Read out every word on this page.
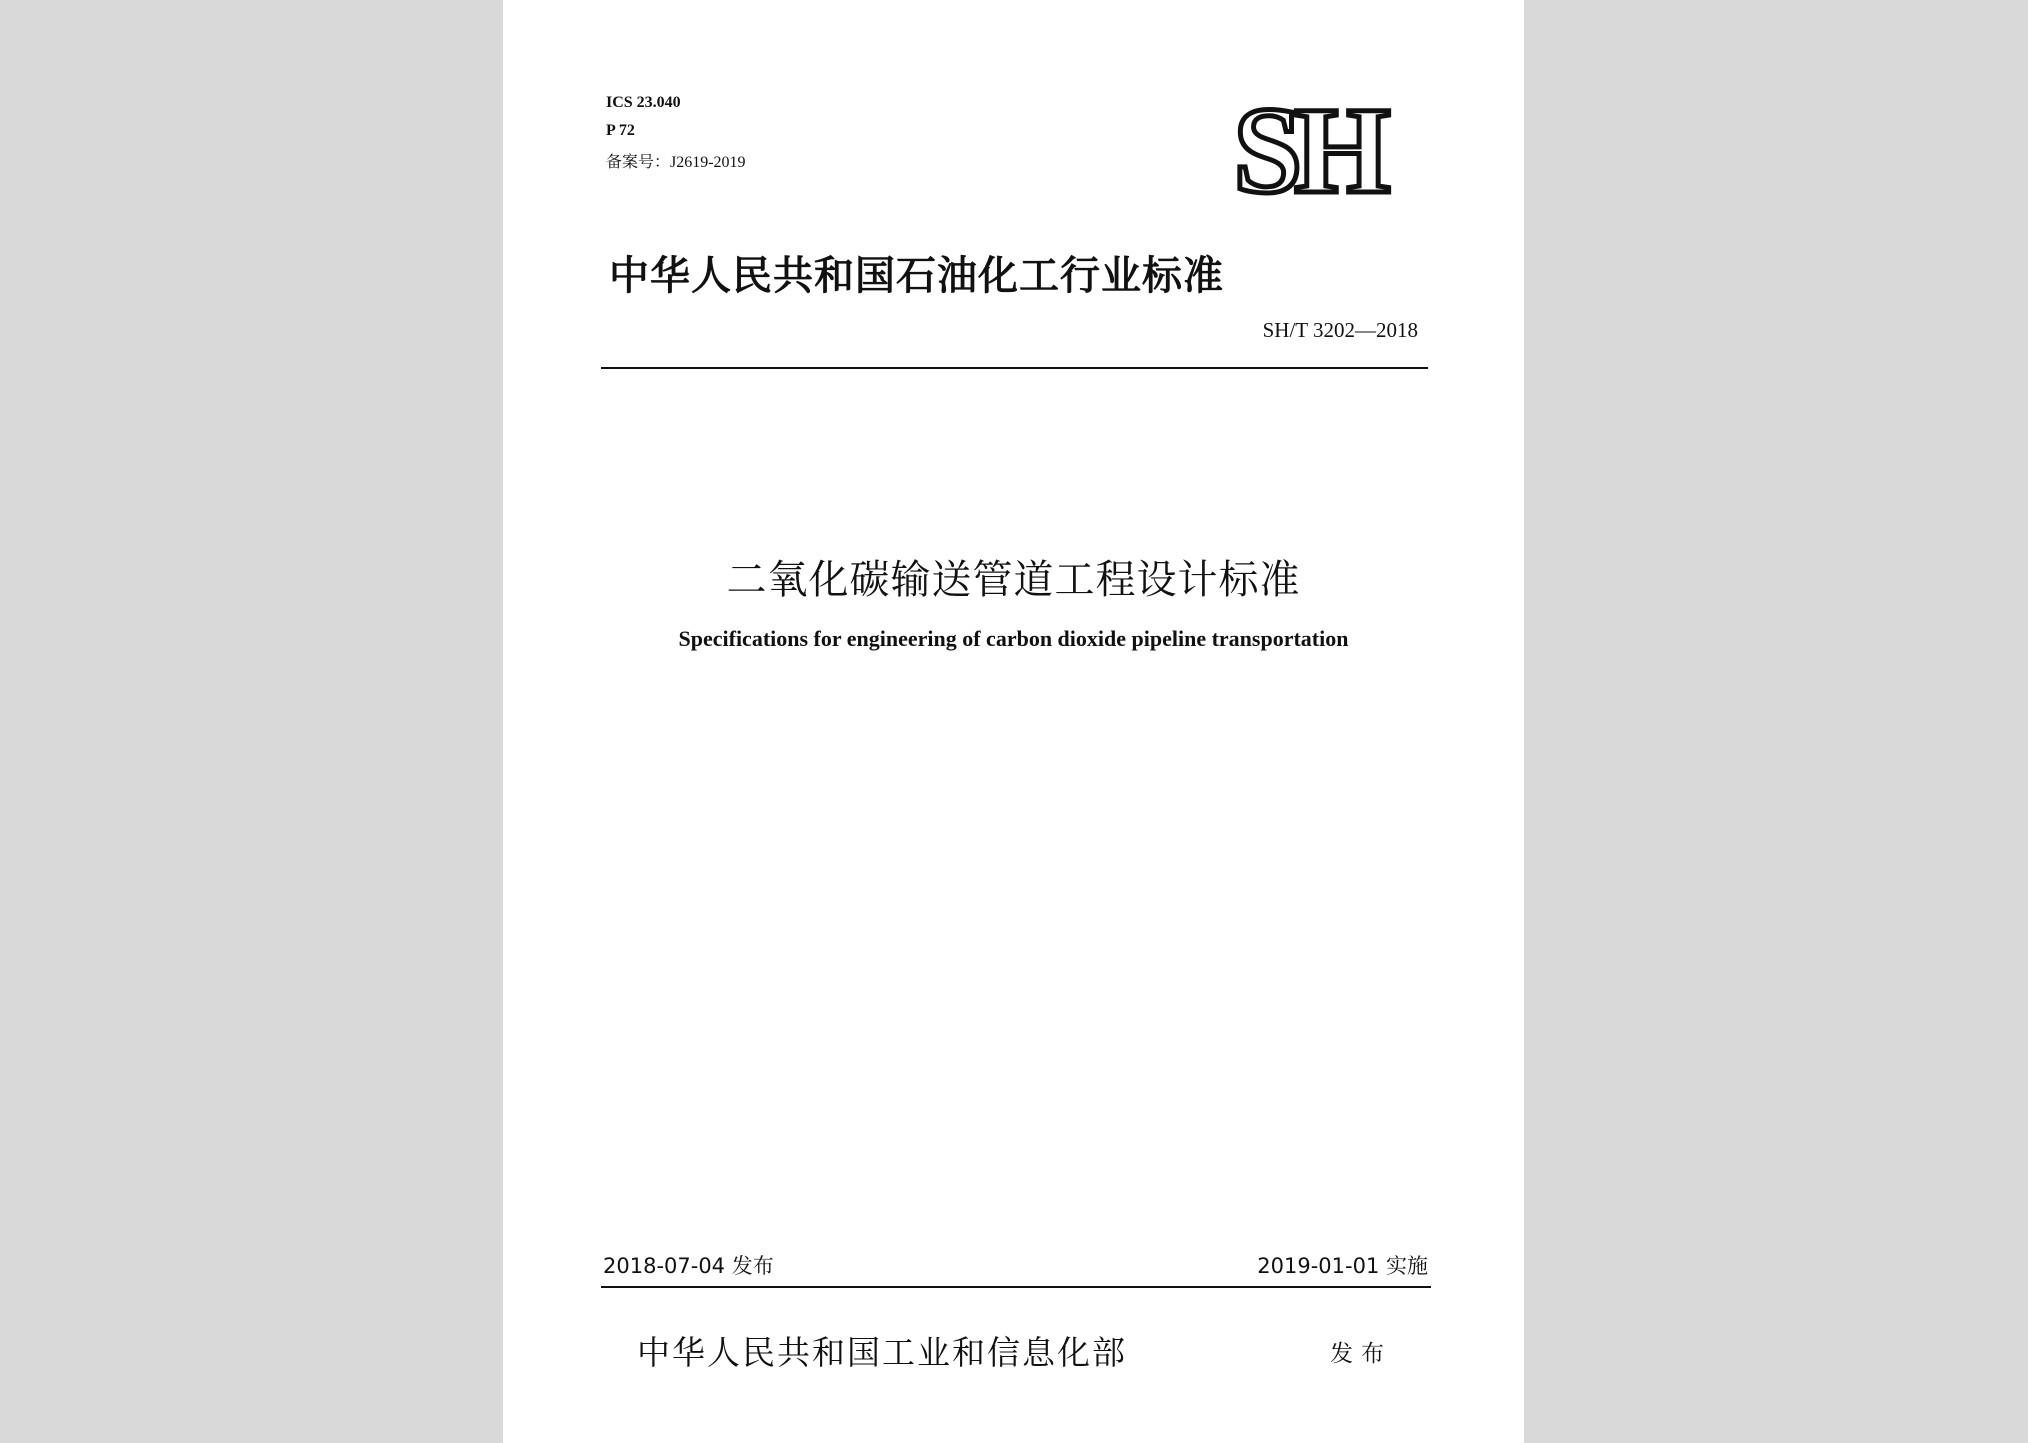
ICS 23.040
P 72
备案号：J2619-2019	SH
中华人民共和国石油化工行业标准
SH/T 3202—2018
二氧化碳输送管道工程设计标准
Specifications for engineering of carbon dioxide pipeline transportation
2018-07-04 发布	2019-01-01 实施
中华人民共和国工业和信息化部	发布
